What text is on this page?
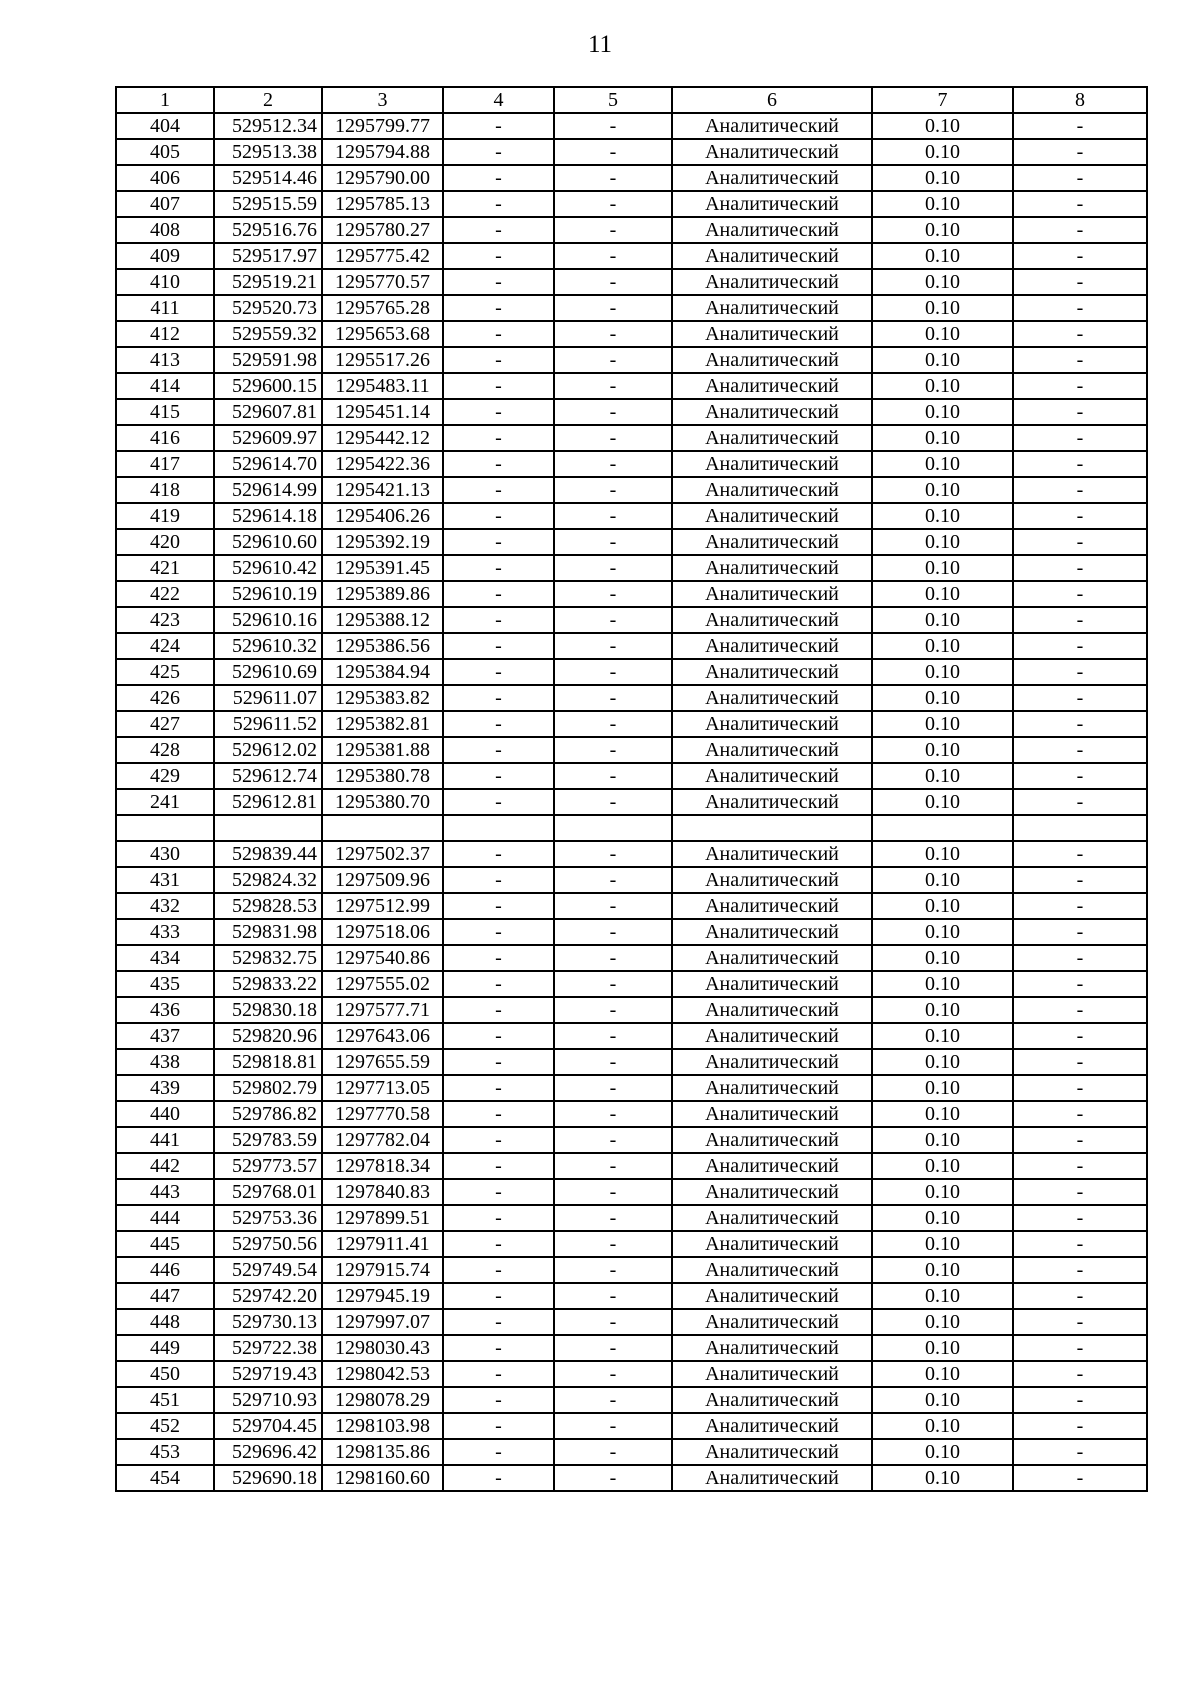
11
1	2	3	4	5	6	7	8
404	529512.34	1295799.77	-	-	Аналитический	0.10	-
405	529513.38	1295794.88	-	-	Аналитический	0.10	-
406	529514.46	1295790.00	-	-	Аналитический	0.10	-
407	529515.59	1295785.13	-	-	Аналитический	0.10	-
408	529516.76	1295780.27	-	-	Аналитический	0.10	-
409	529517.97	1295775.42	-	-	Аналитический	0.10	-
410	529519.21	1295770.57	-	-	Аналитический	0.10	-
411	529520.73	1295765.28	-	-	Аналитический	0.10	-
412	529559.32	1295653.68	-	-	Аналитический	0.10	-
413	529591.98	1295517.26	-	-	Аналитический	0.10	-
414	529600.15	1295483.11	-	-	Аналитический	0.10	-
415	529607.81	1295451.14	-	-	Аналитический	0.10	-
416	529609.97	1295442.12	-	-	Аналитический	0.10	-
417	529614.70	1295422.36	-	-	Аналитический	0.10	-
418	529614.99	1295421.13	-	-	Аналитический	0.10	-
419	529614.18	1295406.26	-	-	Аналитический	0.10	-
420	529610.60	1295392.19	-	-	Аналитический	0.10	-
421	529610.42	1295391.45	-	-	Аналитический	0.10	-
422	529610.19	1295389.86	-	-	Аналитический	0.10	-
423	529610.16	1295388.12	-	-	Аналитический	0.10	-
424	529610.32	1295386.56	-	-	Аналитический	0.10	-
425	529610.69	1295384.94	-	-	Аналитический	0.10	-
426	529611.07	1295383.82	-	-	Аналитический	0.10	-
427	529611.52	1295382.81	-	-	Аналитический	0.10	-
428	529612.02	1295381.88	-	-	Аналитический	0.10	-
429	529612.74	1295380.78	-	-	Аналитический	0.10	-
241	529612.81	1295380.70	-	-	Аналитический	0.10	-

430	529839.44	1297502.37	-	-	Аналитический	0.10	-
431	529824.32	1297509.96	-	-	Аналитический	0.10	-
432	529828.53	1297512.99	-	-	Аналитический	0.10	-
433	529831.98	1297518.06	-	-	Аналитический	0.10	-
434	529832.75	1297540.86	-	-	Аналитический	0.10	-
435	529833.22	1297555.02	-	-	Аналитический	0.10	-
436	529830.18	1297577.71	-	-	Аналитический	0.10	-
437	529820.96	1297643.06	-	-	Аналитический	0.10	-
438	529818.81	1297655.59	-	-	Аналитический	0.10	-
439	529802.79	1297713.05	-	-	Аналитический	0.10	-
440	529786.82	1297770.58	-	-	Аналитический	0.10	-
441	529783.59	1297782.04	-	-	Аналитический	0.10	-
442	529773.57	1297818.34	-	-	Аналитический	0.10	-
443	529768.01	1297840.83	-	-	Аналитический	0.10	-
444	529753.36	1297899.51	-	-	Аналитический	0.10	-
445	529750.56	1297911.41	-	-	Аналитический	0.10	-
446	529749.54	1297915.74	-	-	Аналитический	0.10	-
447	529742.20	1297945.19	-	-	Аналитический	0.10	-
448	529730.13	1297997.07	-	-	Аналитический	0.10	-
449	529722.38	1298030.43	-	-	Аналитический	0.10	-
450	529719.43	1298042.53	-	-	Аналитический	0.10	-
451	529710.93	1298078.29	-	-	Аналитический	0.10	-
452	529704.45	1298103.98	-	-	Аналитический	0.10	-
453	529696.42	1298135.86	-	-	Аналитический	0.10	-
454	529690.18	1298160.60	-	-	Аналитический	0.10	-
